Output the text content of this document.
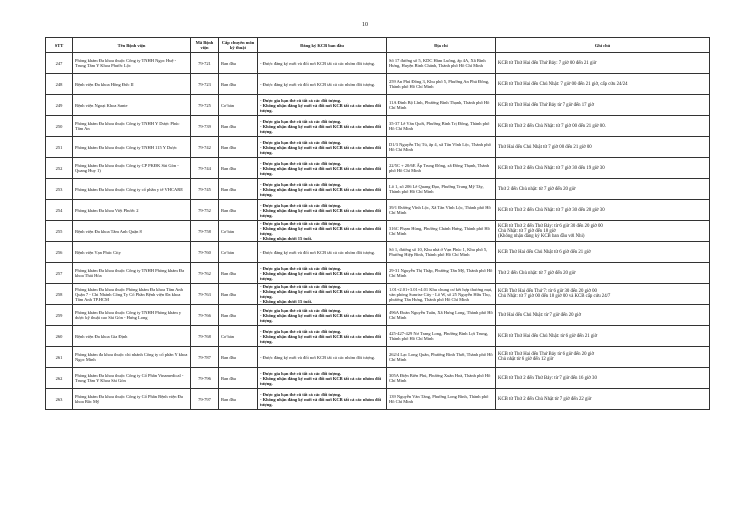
10
STT	Tên Bệnh viện	Mã Bệnh viện	Cấp chuyên môn kỹ thuật	Đăng ký KCB ban đầu	Địa chỉ	Ghi chú
247	Phòng khám Đa khoa thuộc Công ty TNHH Ngọc Huệ - Trung Tâm Y Khoa Phước Lộc	79-721	Ban đầu	- Được đăng ký mới và đổi nơi KCB tất cả các nhóm đối tượng.	Số 17 đường số 5, KDC Hàm Luông, ấp 4A, Xã Bình Hưng, Huyện Bình Chánh, Thành phố Hồ Chí Minh	KCB từ Thứ Hai đến Thứ Bảy: 7 giờ 00 đến 21 giờ
248	Bệnh viện Đa khoa Hồng Đức II	79-723	Ban đầu	- Được đăng ký mới và đổi nơi KCB tất cả các nhóm đối tượng.	259 An Phú Đông 3, Khu phố 5, Phường An Phú Đông, Thành phố Hồ Chí Minh	KCB từ Thứ Hai đến Chủ Nhật: 7 giờ 00 đến 21 giờ, cấp cứu 24/24
249	Bệnh viện Ngoại Khoa Sante	79-725	Cơ bản	- Được gia hạn thẻ cũ tất cả các đối tượng.
- Không nhận đăng ký mới và đổi nơi KCB tất cả các nhóm đối tượng.	11A Đinh Bộ Lĩnh, Phường Bình Thạnh, Thành phố Hồ Chí Minh	KCB từ Thứ Hai đến Thứ Bảy từ 7 giờ đến 17 giờ
250	Phòng khám Đa khoa thuộc Công ty TNHH Y Dược Phúc Tâm An	79-739	Ban đầu	- Được gia hạn thẻ cũ tất cả các đối tượng.
- Không nhận đăng ký mới và đổi nơi KCB tất cả các nhóm đối tượng.	35-37 Lê Văn Quới, Phường Bình Trị Đông, Thành phố Hồ Chí Minh	KCB từ Thứ 2 đến Chủ Nhật: từ 7 giờ 00 đến 21 giờ 00.
251	Phòng khám Đa khoa thuộc Công ty TNHH 115 Y Dược	79-742	Ban đầu	- Được gia hạn thẻ cũ tất cả các đối tượng.
- Không nhận đăng ký mới và đổi nơi KCB tất cả các nhóm đối tượng.	D1/3 Nguyễn Thị Tú, ấp 4, xã Tân Vĩnh Lộc, Thành phố Hồ Chí Minh	Thứ Hai đến Chủ Nhật từ 7 giờ 00 đến 21 giờ 00
252	Phòng khám Đa khoa thuộc Công ty CP PKĐK Sài Gòn - Quang Huy 1)	79-744	Ban đầu	- Được gia hạn thẻ cũ tất cả các đối tượng.
- Không nhận đăng ký mới và đổi nơi KCB tất cả các nhóm đối tượng.	22/5C + 20/6E Ấp Trung Đông, xã Đông Thạnh, Thành phố Hồ Chí Minh	KCB từ Thứ 2 đến Chủ Nhật: từ 7 giờ 30 đến 19 giờ 30
253	Phòng khám Đa khoa thuộc Công ty cổ phần y tế VHCARE	79-745	Ban đầu	- Được gia hạn thẻ cũ tất cả các đối tượng.
- Không nhận đăng ký mới và đổi nơi KCB tất cả các nhóm đối tượng.	Lô 1, số 206 Lê Quang Đạo, Phường Trung Mỹ Tây, Thành phố Hồ Chí Minh	Thứ 2 đến Chủ nhật: từ 7 giờ đến 20 giờ
254	Phòng khám Đa khoa Việt Phước 2	79-752	Ban đầu	- Được gia hạn thẻ cũ tất cả các đối tượng.
- Không nhận đăng ký mới và đổi nơi KCB tất cả các nhóm đối tượng.	39/1 Đường Vĩnh Lộc, Xã Tân Vĩnh Lộc, Thành phố Hồ Chí Minh	KCB từ Thứ 2 đến Chủ Nhật: từ 7 giờ 30 đến 20 giờ 30
255	Bệnh viện Đa khoa Tâm Anh Quận 8	79-758	Cơ bản	- Được gia hạn thẻ cũ tất cả các đối tượng.
- Không nhận đăng ký mới và đổi nơi KCB tất cả các nhóm đối tượng.
- Không nhận dưới 15 tuổi.	316C Phạm Hùng, Phường Chánh Hưng, Thành phố Hồ Chí Minh	KCB từ Thứ 2 đến Thứ Bảy: từ 6 giờ 30 đến 20 giờ 00
Chủ Nhật: từ 7 giờ đến 18 giờ
(Không nhận đăng ký KCB ban đầu với Nhi)
256	Bệnh viện Vạn Phúc City	79-760	Cơ bản	- Được đăng ký mới và đổi nơi KCB tất cả các nhóm đối tượng.	Số 1, đường số 10, Khu nhà ở Vạn Phúc 1, Khu phố 5, Phường Hiệp Bình, Thành phố Hồ Chí Minh	KCB Thứ Hai đến Chủ Nhật từ 6 giờ đến 21 giờ
257	Phòng khám Đa khoa thuộc Công ty TNHH Phòng khám Đa khoa Thái Hòa	79-762	Ban đầu	- Được gia hạn thẻ cũ tất cả các đối tượng.
- Không nhận đăng ký mới và đổi nơi KCB tất cả các nhóm đối tượng.	29-31 Nguyễn Thị Thập, Phường Tân Mỹ, Thành phố Hồ Chí Minh	Thứ 2 đến Chủ nhật: từ 7 giờ đến 20 giờ
258	Phòng khám Đa khoa thuộc Phòng khám Đa khoa Tâm Anh Quận 7 - Chi Nhánh Công Ty Cổ Phần Bệnh viện Đa khoa Tâm Anh TP.HCM	79-763	Ban đầu	- Được gia hạn thẻ cũ tất cả các đối tượng.
- Không nhận đăng ký mới và đổi nơi KCB tất cả các nhóm đối tượng.
- Không nhận dưới 15 tuổi.	1.01+2.01+3.01+4.01 Khu chung cư kết hợp thương mại, văn phòng Sunrise City - Lô W, số 25 Nguyễn Hữu Thọ, phường Tân Hưng, Thành phố Hồ Chí Minh	KCB Thứ Hai đến Thứ 7: từ 6 giờ 30 đến 20 giờ 00
Chủ Nhật: từ 7 giờ 00 đến 18 giờ 00 và KCB cấp cứu 24/7
259	Phòng khám Đa khoa thuộc Công ty TNHH Phòng khám y dược kỹ thuật cao Sài Gòn - Hưng Long	79-766	Ban đầu	- Được gia hạn thẻ cũ tất cả các đối tượng.
- Không nhận đăng ký mới và đổi nơi KCB tất cả các nhóm đối tượng.	496A Đoàn Nguyễn Tuấn, Xã Hưng Long, Thành phố Hồ Chí Minh	Thứ Hai đến Chủ Nhật: từ 7 giờ đến 20 giờ
260	Bệnh viện Đa khoa Gia Định	79-768	Cơ bản	- Được gia hạn thẻ cũ tất cả các đối tượng.
- Không nhận đăng ký mới và đổi nơi KCB tất cả các nhóm đối tượng.	425-427-429 Nơ Trang Long, Phường Bình Lợi Trung, Thành phố Hồ Chí Minh	KCB từ Thứ Hai đến Chủ Nhật: từ 6 giờ đến 21 giờ
261	Phòng khám đa khoa thuộc chi nhánh Công ty cổ phần Y khoa Ngọc Minh	79-787	Ban đầu	- Được đăng ký mới và đổi nơi KCB tất cả các nhóm đối tượng.	262/4 Lạc Long Quân, Phường Bình Thới, Thành phố Hồ Chí Minh	KCB từ Thứ Hai đến Thứ Bảy từ 6 giờ đến 20 giờ
Chủ nhật từ 6 giờ đến 12 giờ
262	Phòng khám Đa khoa thuộc Công ty Cổ Phần Vinamedical - Trung Tâm Y Khoa Sài Gòn	79-796	Ban đầu	- Được gia hạn thẻ cũ tất cả các đối tượng.
- Không nhận đăng ký mới và đổi nơi KCB tất cả các nhóm đối tượng.	305A Điện Biên Phủ, Phường Xuân Hoà, Thành phố Hồ Chí Minh	KCB từ Thứ 2 đến Thứ Bảy: từ 7 giờ đến 16 giờ 30
263	Phòng khám Đa khoa thuộc Công ty Cổ Phần Bệnh viện Đa khoa Bắc Mỹ	79-797	Ban đầu	- Được gia hạn thẻ cũ tất cả các đối tượng.
- Không nhận đăng ký mới và đổi nơi KCB tất cả các nhóm đối tượng.	139 Nguyễn Văn Tăng, Phường Long Bình, Thành phố Hồ Chí Minh	KCB từ Thứ 2 đến Chủ Nhật từ 7 giờ đến 22 giờ
